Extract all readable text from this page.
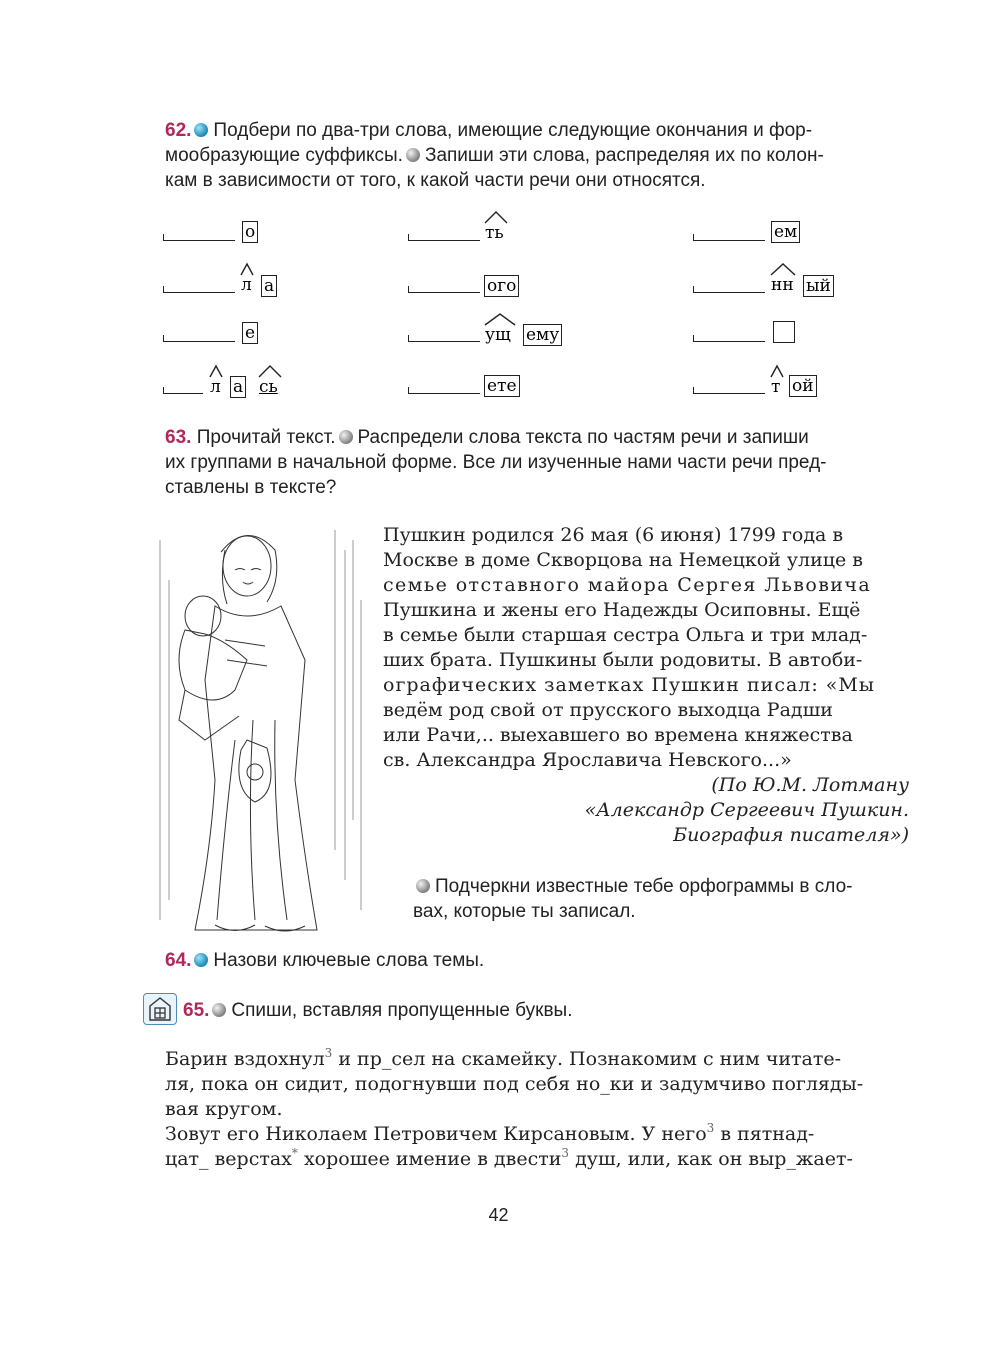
62. Подбери по два-три слова, имеющие следующие окончания и фор-
мообразующие суффиксы. Запиши эти слова, распределяя их по колон-
кам в зависимости от того, к какой части речи они относятся.
о	ть	ем
л а	ого	нн ый
е	ущ ему
л а сь	ете	т ой
63. Прочитай текст. Распредели слова текста по частям речи и запиши
их группами в начальной форме. Все ли изученные нами части речи пред-
ставлены в тексте?
Пушкин родился 26 мая (6 июня) 1799 года в
Москве в доме Скворцова на Немецкой улице в
семье отставного майора Сергея Львовича
Пушкина и жены его Надежды Осиповны. Ещё
в семье были старшая сестра Ольга и три млад-
ших брата. Пушкины были родовиты. В автоби-
ографических заметках Пушкин писал: «Мы
ведём род свой от прусского выходца Радши
или Рачи,.. выехавшего во времена княжества
св. Александра Ярославича Невского...»
(По Ю.М. Лотману
«Александр Сергеевич Пушкин.
Биография писателя»)
Подчеркни известные тебе орфограммы в сло-
вах, которые ты записал.
64. Назови ключевые слова темы.
65. Спиши, вставляя пропущенные буквы.
Барин вздохнул$^3$ и пр_сел на скамейку. Познакомим с ним читате-
ля, пока он сидит, подогнувши под себя но_ки и задумчиво погляды-
вая кругом.
Зовут его Николаем Петровичем Кирсановым. У него$^3$ в пятнад-
цат_ верстах* хорошее имение в двести$^3$ душ, или, как он выр_жает-
42
